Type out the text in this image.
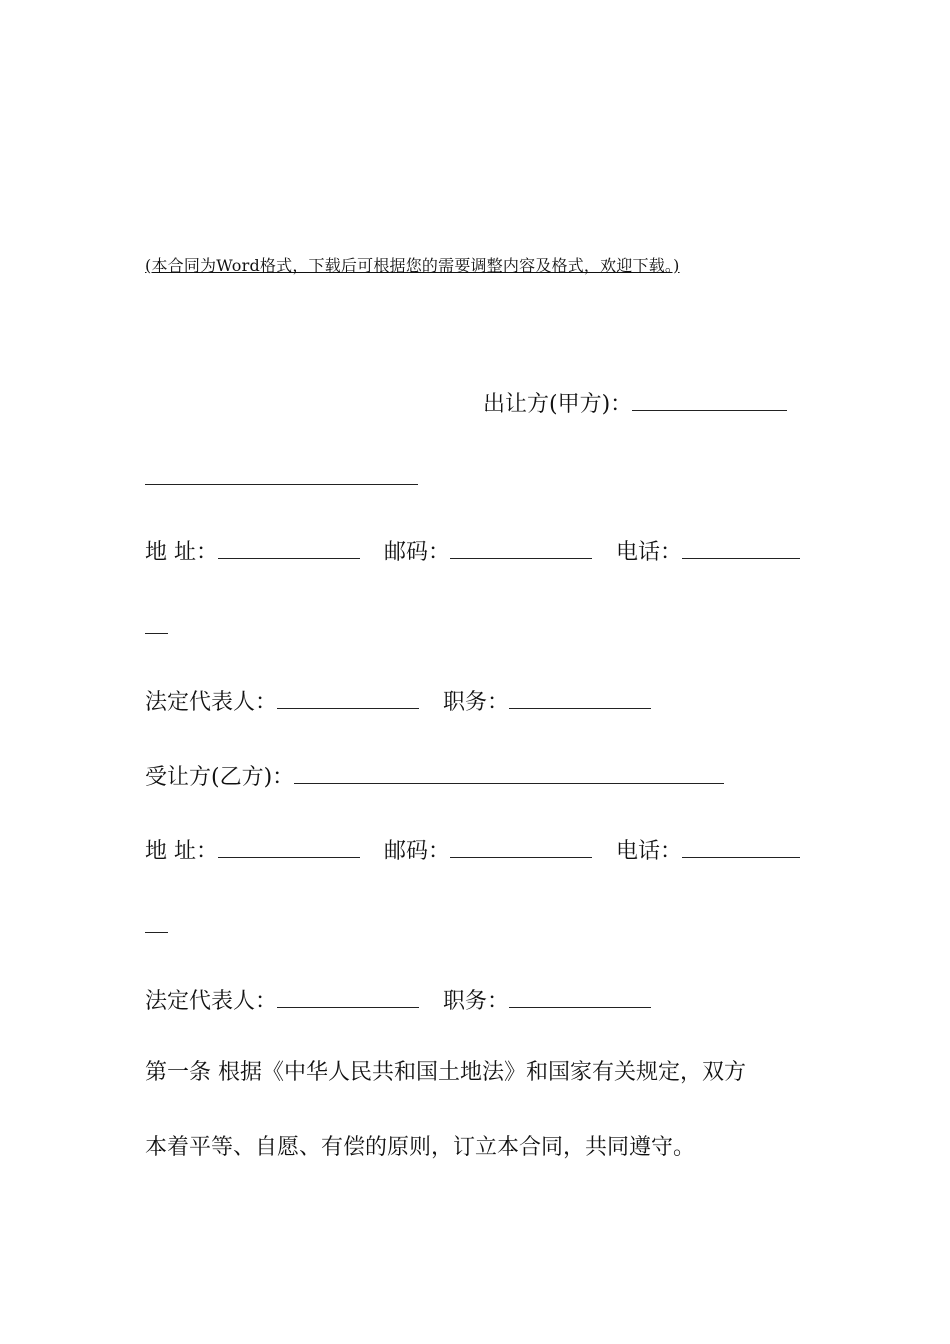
(本合同为Word格式，下载后可根据您的需要调整内容及格式，欢迎下载。)
出让方(甲方)：
地 址：	邮码：	电话：
法定代表人：	职务：
受让方(乙方)：
地 址：	邮码：	电话：
法定代表人：	职务：
第一条 根据《中华人民共和国土地法》和国家有关规定，双方
本着平等、自愿、有偿的原则，订立本合同，共同遵守。
